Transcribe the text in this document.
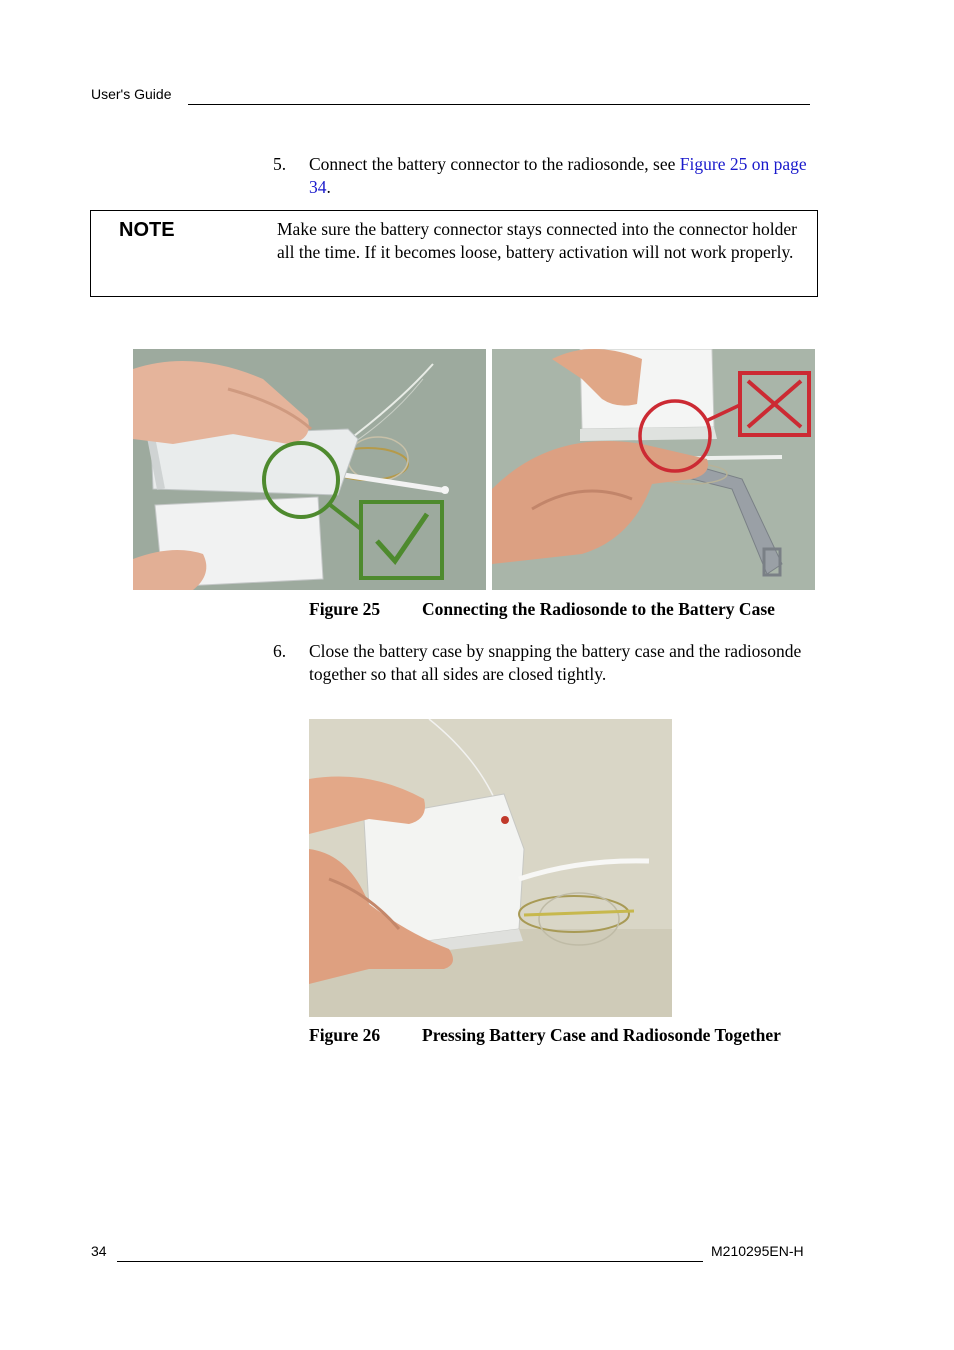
User's Guide
5. Connect the battery connector to the radiosonde, see Figure 25 on page 34.
NOTE	Make sure the battery connector stays connected into the connector holder all the time. If it becomes loose, battery activation will not work properly.
Figure 25 Connecting the Radiosonde to the Battery Case
6. Close the battery case by snapping the battery case and the radiosonde together so that all sides are closed tightly.
Figure 26 Pressing Battery Case and Radiosonde Together
34	M210295EN-H
